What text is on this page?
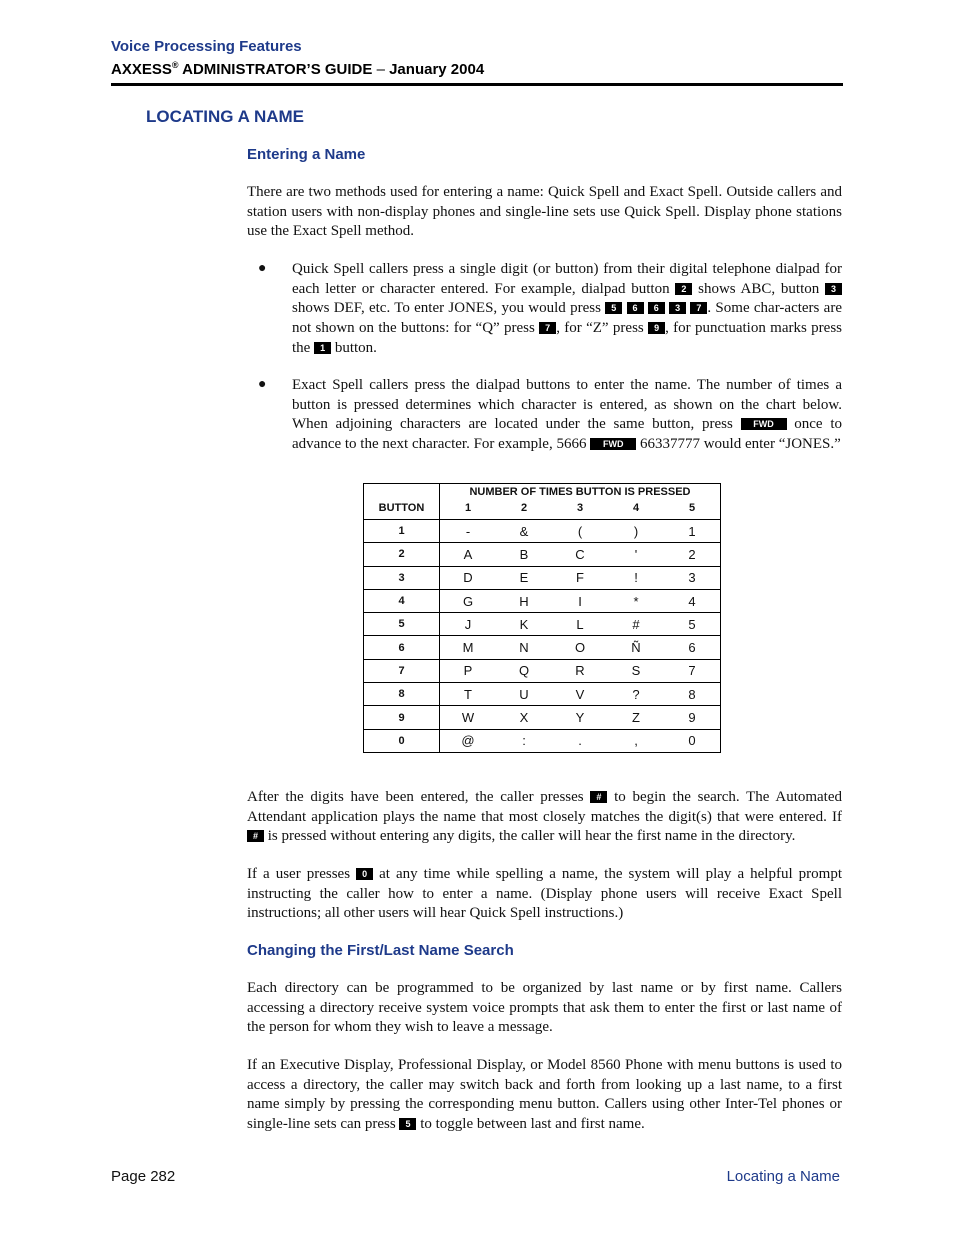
Voice Processing Features
AXXESS® ADMINISTRATOR’S GUIDE – January 2004
LOCATING A NAME
Entering a Name
There are two methods used for entering a name: Quick Spell and Exact Spell. Outside callers and station users with non-display phones and single-line sets use Quick Spell. Display phone stations use the Exact Spell method.
● Quick Spell callers press a single digit (or button) from their digital telephone dialpad for each letter or character entered. For example, dialpad button 2 shows ABC, button 3 shows DEF, etc. To enter JONES, you would press 5 6 6 3 7 . Some char-acters are not shown on the buttons: for “Q” press 7 , for “Z” press 9 , for punctuation marks press the 1 button.
● Exact Spell callers press the dialpad buttons to enter the name. The number of times a button is pressed determines which character is entered, as shown on the chart below. When adjoining characters are located under the same button, press FWD once to advance to the next character. For example, 5666 FWD 66337777 would enter “JONES.”
BUTTON	NUMBER OF TIMES BUTTON IS PRESSED				
	1	2	3	4	5
1	-	&	(	)	1
2	A	B	C	'	2
3	D	E	F	!	3
4	G	H	I	*	4
5	J	K	L	#	5
6	M	N	O	Ñ	6
7	P	Q	R	S	7
8	T	U	V	?	8
9	W	X	Y	Z	9
0	@	:	.	,	0
After the digits have been entered, the caller presses # to begin the search. The Automated Attendant application plays the name that most closely matches the digit(s) that were entered. If # is pressed without entering any digits, the caller will hear the first name in the directory.
If a user presses 0 at any time while spelling a name, the system will play a helpful prompt instructing the caller how to enter a name. (Display phone users will receive Exact Spell instructions; all other users will hear Quick Spell instructions.)
Changing the First/Last Name Search
Each directory can be programmed to be organized by last name or by first name. Callers accessing a directory receive system voice prompts that ask them to enter the first or last name of the person for whom they wish to leave a message.
If an Executive Display, Professional Display, or Model 8560 Phone with menu buttons is used to access a directory, the caller may switch back and forth from looking up a last name, to a first name simply by pressing the corresponding menu button. Callers using other Inter-Tel phones or single-line sets can press 5 to toggle between last and first name.
Page 282	Locating a Name
